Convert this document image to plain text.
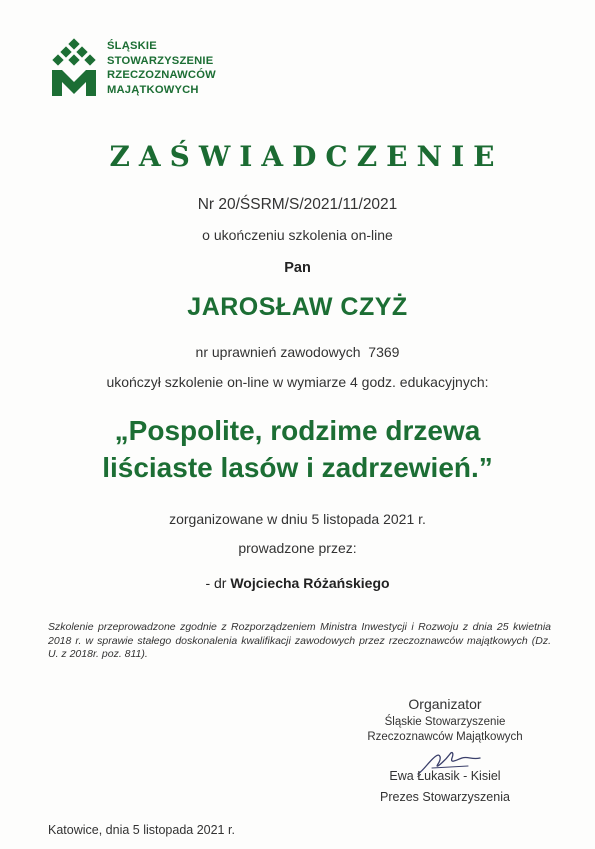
ŚLĄSKIE
STOWARZYSZENIE
RZECZOZNAWCÓW
MAJĄTKOWYCH
ZAŚWIADCZENIE
Nr 20/ŚSRM/S/2021/11/2021
o ukończeniu szkolenia on-line
Pan
JAROSŁAW CZYŻ
nr uprawnień zawodowych 7369
ukończył szkolenie on-line w wymiarze 4 godz. edukacyjnych:
„Pospolite, rodzime drzewa
liściaste lasów i zadrzewień.”
zorganizowane w dniu 5 listopada 2021 r.
prowadzone przez:
- dr Wojciecha Różańskiego
Szkolenie przeprowadzone zgodnie z Rozporządzeniem Ministra Inwestycji i Rozwoju z dnia 25 kwietnia 2018 r. w sprawie stałego doskonalenia kwalifikacji zawodowych przez rzeczoznawców majątkowych (Dz. U. z 2018r. poz. 811).
Organizator
Śląskie Stowarzyszenie
Rzeczoznawców Majątkowych
Ewa Łukasik - Kisiel
Prezes Stowarzyszenia
Katowice, dnia 5 listopada 2021 r.
